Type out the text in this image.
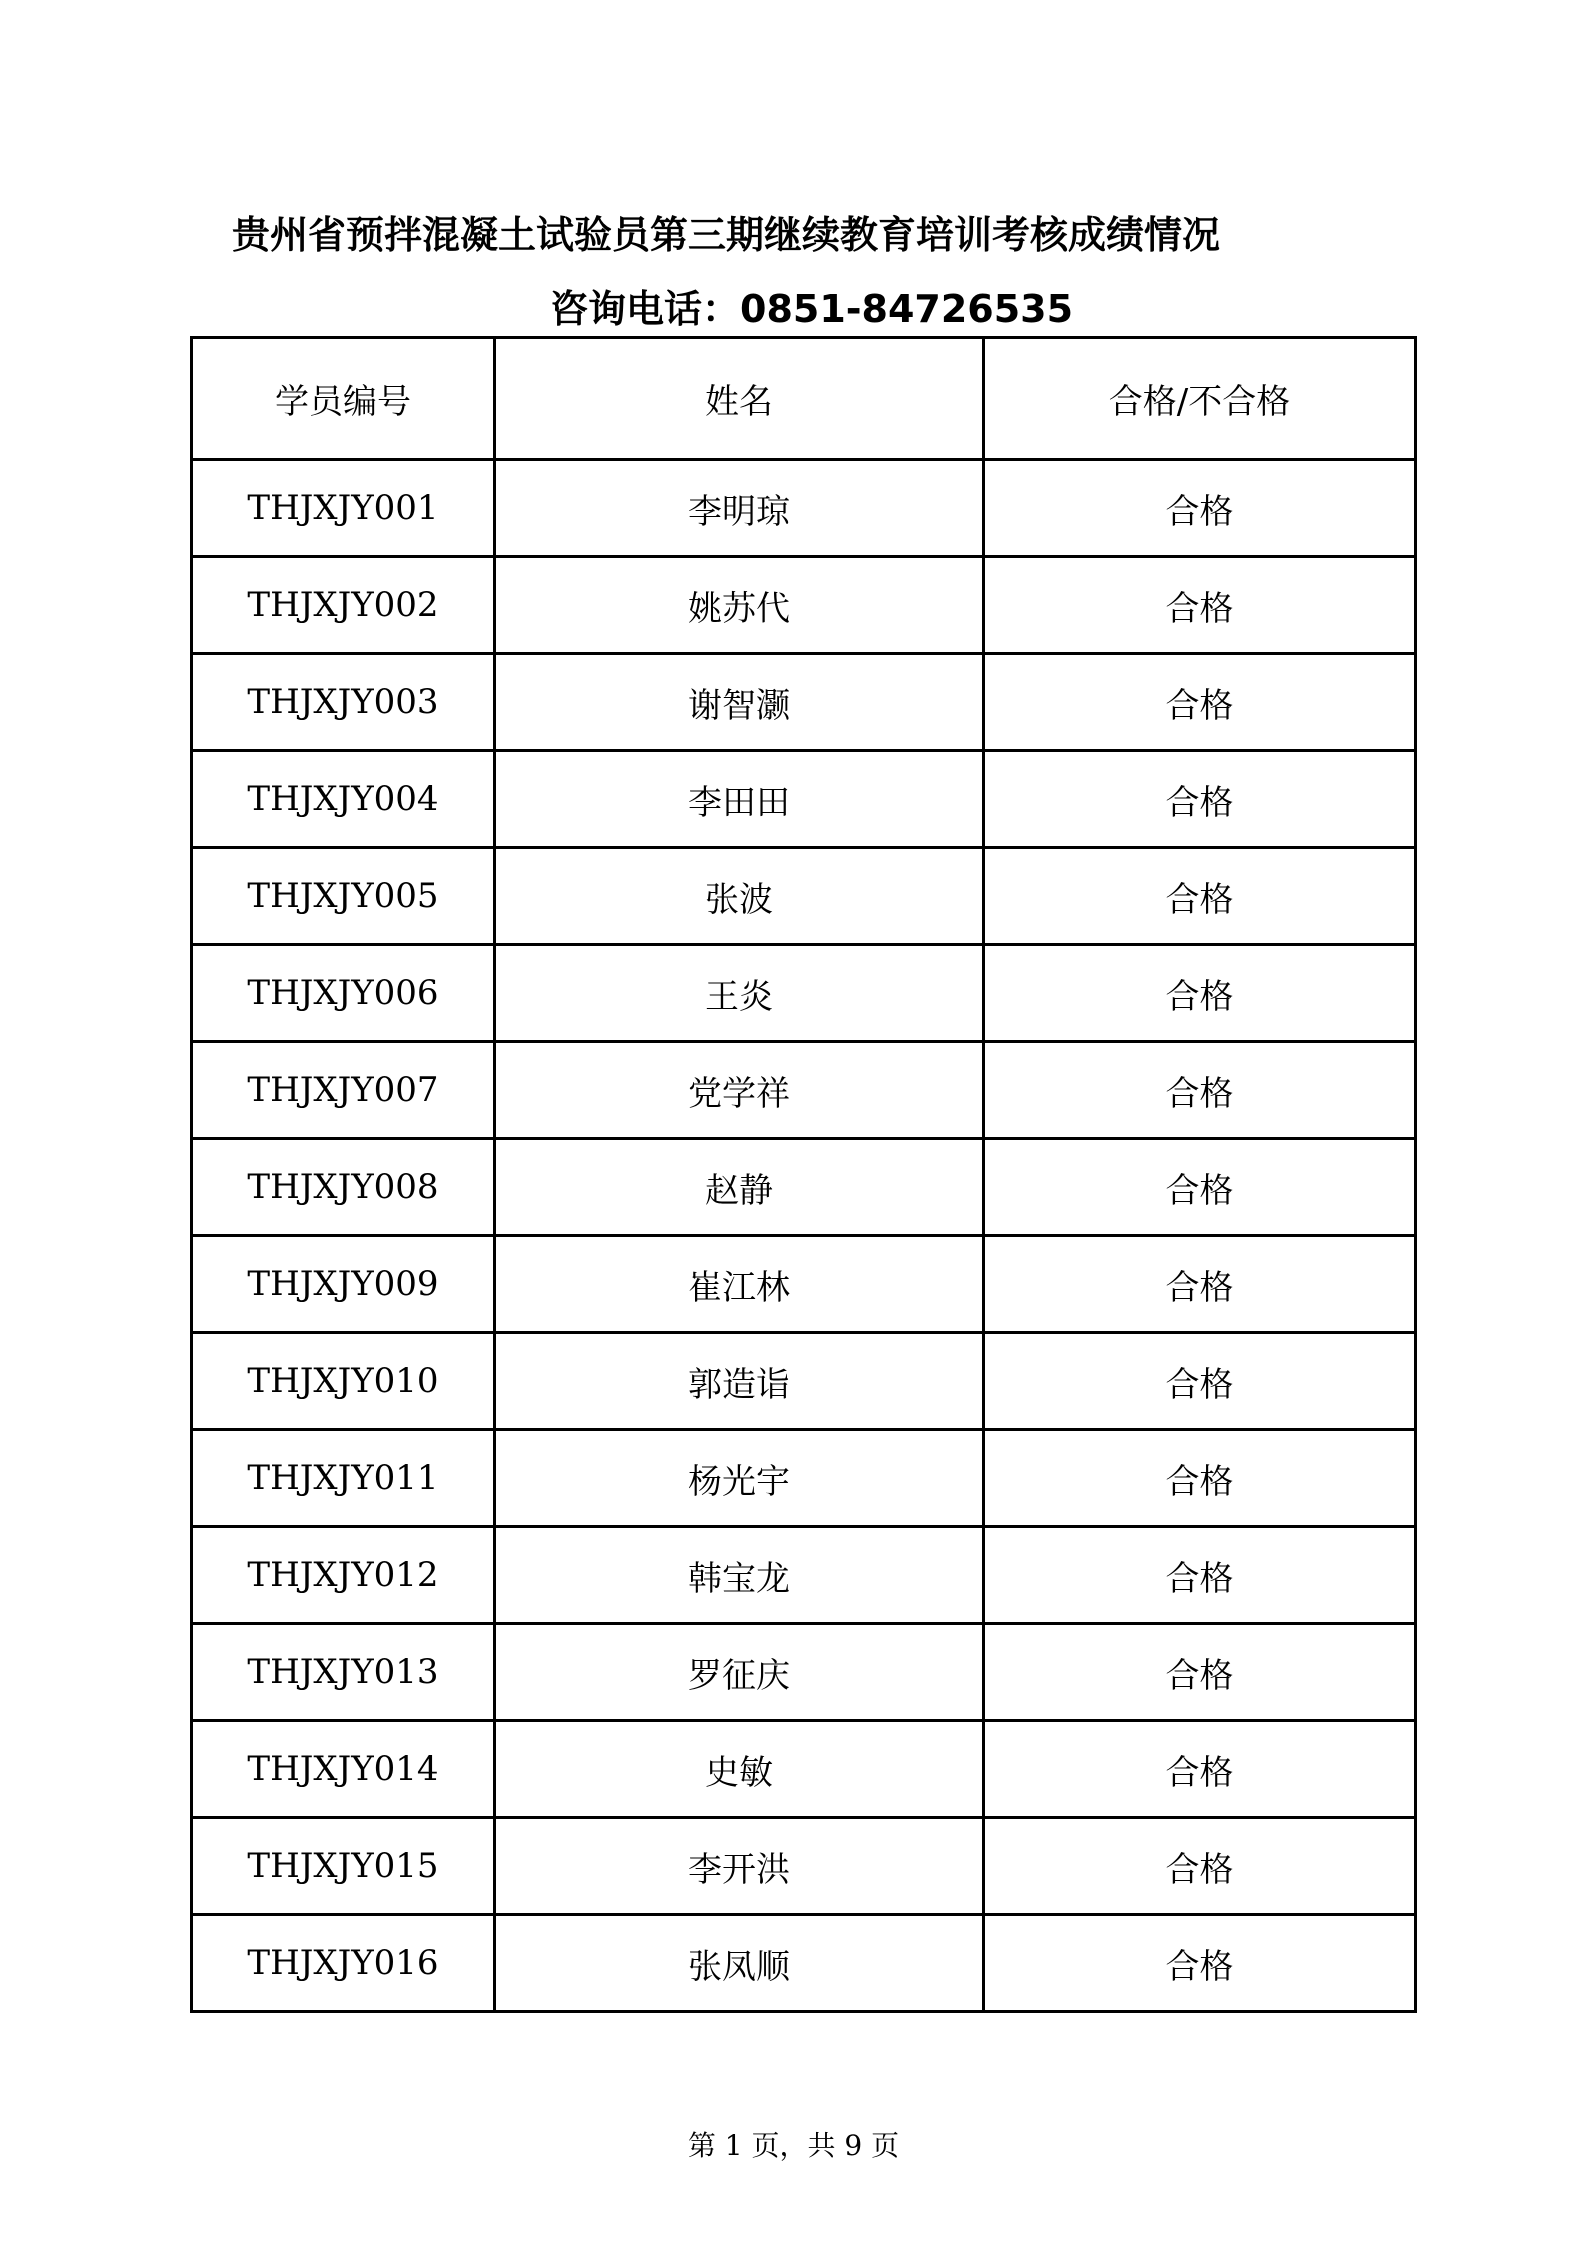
贵州省预拌混凝土试验员第三期继续教育培训考核成绩情况
咨询电话：0851-84726535
学员编号	姓名	合格/不合格
THJXJY001	李明琼	合格
THJXJY002	姚苏代	合格
THJXJY003	谢智灏	合格
THJXJY004	李田田	合格
THJXJY005	张波	合格
THJXJY006	王炎	合格
THJXJY007	党学祥	合格
THJXJY008	赵静	合格
THJXJY009	崔江林	合格
THJXJY010	郭造诣	合格
THJXJY011	杨光宇	合格
THJXJY012	韩宝龙	合格
THJXJY013	罗征庆	合格
THJXJY014	史敏	合格
THJXJY015	李开洪	合格
THJXJY016	张凤顺	合格
第 1 页，共 9 页
